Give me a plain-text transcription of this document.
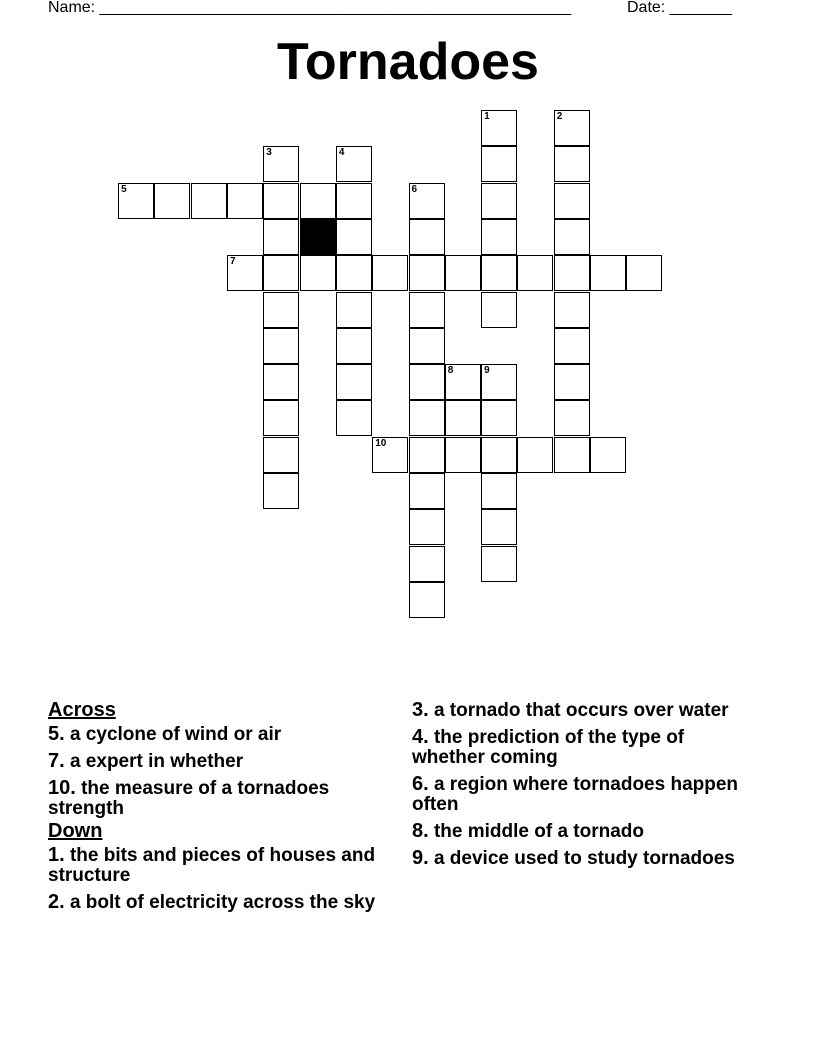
Name: _____________________________________________________	Date: _______
Tornadoes
1	2
3	4
5	6
7
8	9
10
Across
5. a cyclone of wind or air
7. a expert in whether
10. the measure of a tornadoes strength
Down
1. the bits and pieces of houses and structure
2. a bolt of electricity across the sky
3. a tornado that occurs over water
4. the prediction of the type of whether coming
6. a region where tornadoes happen often
8. the middle of a tornado
9. a device used to study tornadoes
